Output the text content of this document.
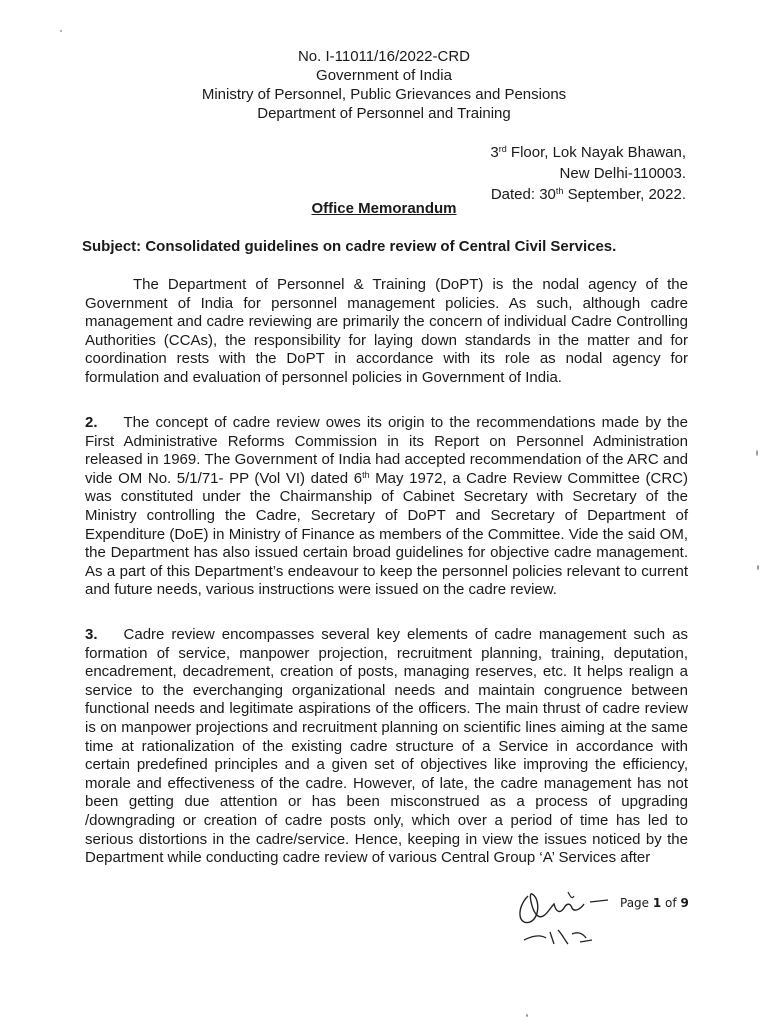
No. I-11011/16/2022-CRD
Government of India
Ministry of Personnel, Public Grievances and Pensions
Department of Personnel and Training
3rd Floor, Lok Nayak Bhawan,
New Delhi-110003.
Dated: 30th September, 2022.
Office Memorandum
Subject: Consolidated guidelines on cadre review of Central Civil Services.
The Department of Personnel & Training (DoPT) is the nodal agency of the Government of India for personnel management policies. As such, although cadre management and cadre reviewing are primarily the concern of individual Cadre Controlling Authorities (CCAs), the responsibility for laying down standards in the matter and for coordination rests with the DoPT in accordance with its role as nodal agency for formulation and evaluation of personnel policies in Government of India.
2. The concept of cadre review owes its origin to the recommendations made by the First Administrative Reforms Commission in its Report on Personnel Administration released in 1969. The Government of India had accepted recommendation of the ARC and vide OM No. 5/1/71- PP (Vol VI) dated 6th May 1972, a Cadre Review Committee (CRC) was constituted under the Chairmanship of Cabinet Secretary with Secretary of the Ministry controlling the Cadre, Secretary of DoPT and Secretary of Department of Expenditure (DoE) in Ministry of Finance as members of the Committee. Vide the said OM, the Department has also issued certain broad guidelines for objective cadre management. As a part of this Department’s endeavour to keep the personnel policies relevant to current and future needs, various instructions were issued on the cadre review.
3. Cadre review encompasses several key elements of cadre management such as formation of service, manpower projection, recruitment planning, training, deputation, encadrement, decadrement, creation of posts, managing reserves, etc. It helps realign a service to the everchanging organizational needs and maintain congruence between functional needs and legitimate aspirations of the officers. The main thrust of cadre review is on manpower projections and recruitment planning on scientific lines aiming at the same time at rationalization of the existing cadre structure of a Service in accordance with certain predefined principles and a given set of objectives like improving the efficiency, morale and effectiveness of the cadre. However, of late, the cadre management has not been getting due attention or has been misconstrued as a process of upgrading /downgrading or creation of cadre posts only, which over a period of time has led to serious distortions in the cadre/service. Hence, keeping in view the issues noticed by the Department while conducting cadre review of various Central Group ‘A’ Services after
Page 1 of 9
